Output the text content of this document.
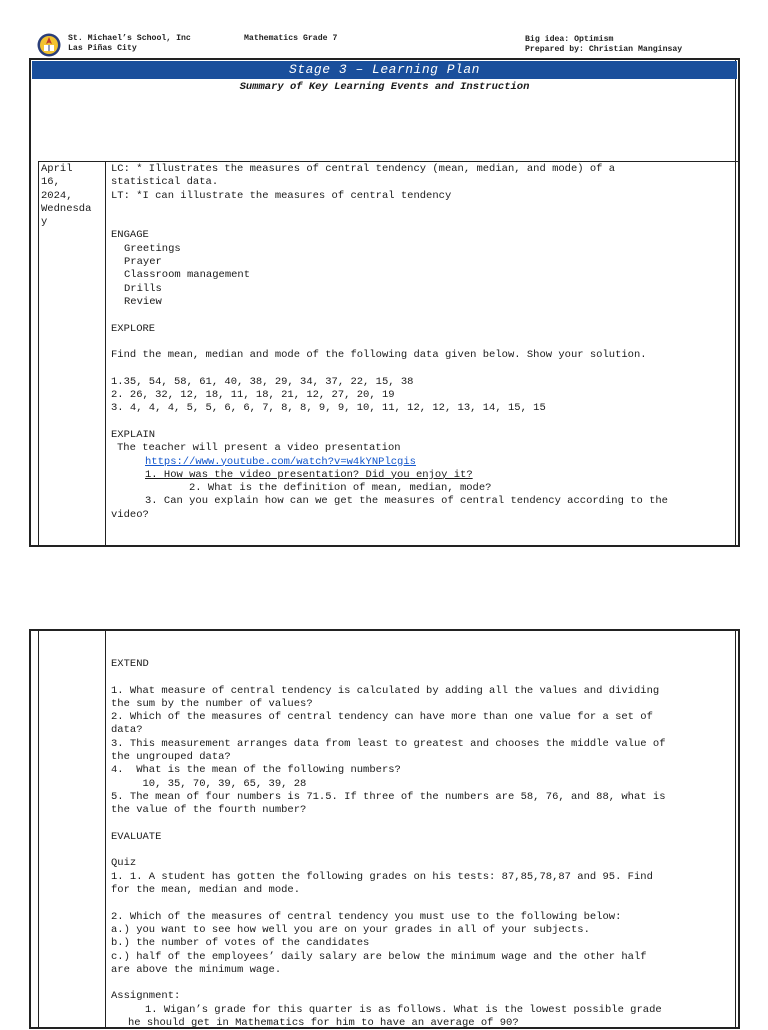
St. Michael’s School, Inc
Las Piñas City
Mathematics Grade 7	Big idea: Optimism
Prepared by: Christian Manginsay
Stage 3 – Learning Plan
Summary of Key Learning Events and Instruction
April
16,
2024,
Wednesda
y

LC: * Illustrates the measures of central tendency (mean, median, and mode) of a

statistical data.

LT: *I can illustrate the measures of central tendency

ENGAGE

Greetings

Prayer

Classroom management

Drills

Review

EXPLORE

Find the mean, median and mode of the following data given below. Show your solution.

1.35, 54, 58, 61, 40, 38, 29, 34, 37, 22, 15, 38

2. 26, 32, 12, 18, 11, 18, 21, 12, 27, 20, 19

3. 4, 4, 4, 5, 5, 6, 6, 7, 8, 8, 9, 9, 10, 11, 12, 12, 13, 14, 15, 15

EXPLAIN

The teacher will present a video presentation

https://www.youtube.com/watch?v=w4kYNPlcgis

1. How was the video presentation? Did you enjoy it?

2. What is the definition of mean, median, mode?

3. Can you explain how can we get the measures of central tendency according to the

video?

EXTEND

1. What measure of central tendency is calculated by adding all the values and dividing

the sum by the number of values?

2. Which of the measures of central tendency can have more than one value for a set of

data?

3. This measurement arranges data from least to greatest and chooses the middle value of

the ungrouped data?

4.  What is the mean of the following numbers?

10, 35, 70, 39, 65, 39, 28

5. The mean of four numbers is 71.5. If three of the numbers are 58, 76, and 88, what is

the value of the fourth number?

EVALUATE

Quiz

1. 1. A student has gotten the following grades on his tests: 87,85,78,87 and 95. Find

for the mean, median and mode.

2. Which of the measures of central tendency you must use to the following below:

a.) you want to see how well you are on your grades in all of your subjects.

b.) the number of votes of the candidates

c.) half of the employees’ daily salary are below the minimum wage and the other half

are above the minimum wage.

Assignment:

1. Wigan’s grade for this quarter is as follows. What is the lowest possible grade

he should get in Mathematics for him to have an average of 90?
